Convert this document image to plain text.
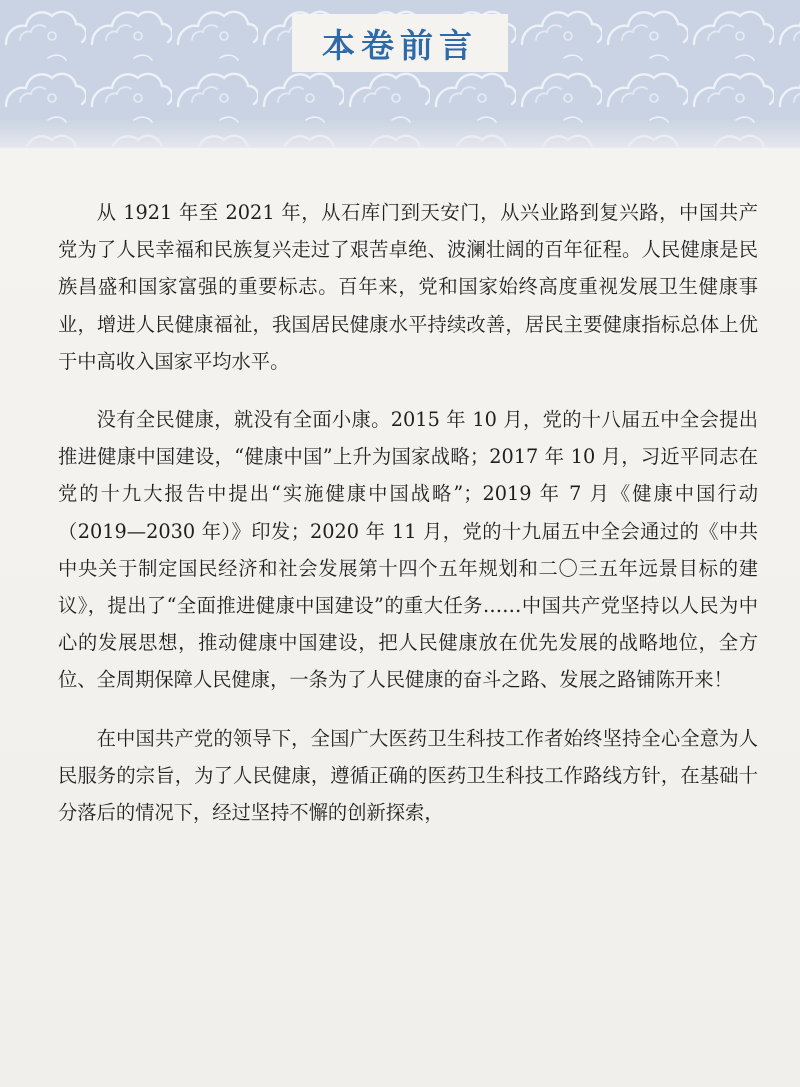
本卷前言

从 1921 年至 2021 年，从石库门到天安门，从兴业路到复兴路，中国共产党为了人民幸福和民族复兴走过了艰苦卓绝、波澜壮阔的百年征程。人民健康是民族昌盛和国家富强的重要标志。百年来，党和国家始终高度重视发展卫生健康事业，增进人民健康福祉，我国居民健康水平持续改善，居民主要健康指标总体上优于中高收入国家平均水平。

没有全民健康，就没有全面小康。2015 年 10 月，党的十八届五中全会提出推进健康中国建设，“健康中国”上升为国家战略；2017 年 10 月，习近平同志在党的十九大报告中提出“实施健康中国战略”；2019 年 7 月《健康中国行动（2019—2030 年）》印发；2020 年 11 月，党的十九届五中全会通过的《中共中央关于制定国民经济和社会发展第十四个五年规划和二〇三五年远景目标的建议》，提出了“全面推进健康中国建设”的重大任务……中国共产党坚持以人民为中心的发展思想，推动健康中国建设，把人民健康放在优先发展的战略地位，全方位、全周期保障人民健康，一条为了人民健康的奋斗之路、发展之路铺陈开来！

在中国共产党的领导下，全国广大医药卫生科技工作者始终坚持全心全意为人民服务的宗旨，为了人民健康，遵循正确的医药卫生科技工作路线方针，在基础十分落后的情况下，经过坚持不懈的创新探索，
